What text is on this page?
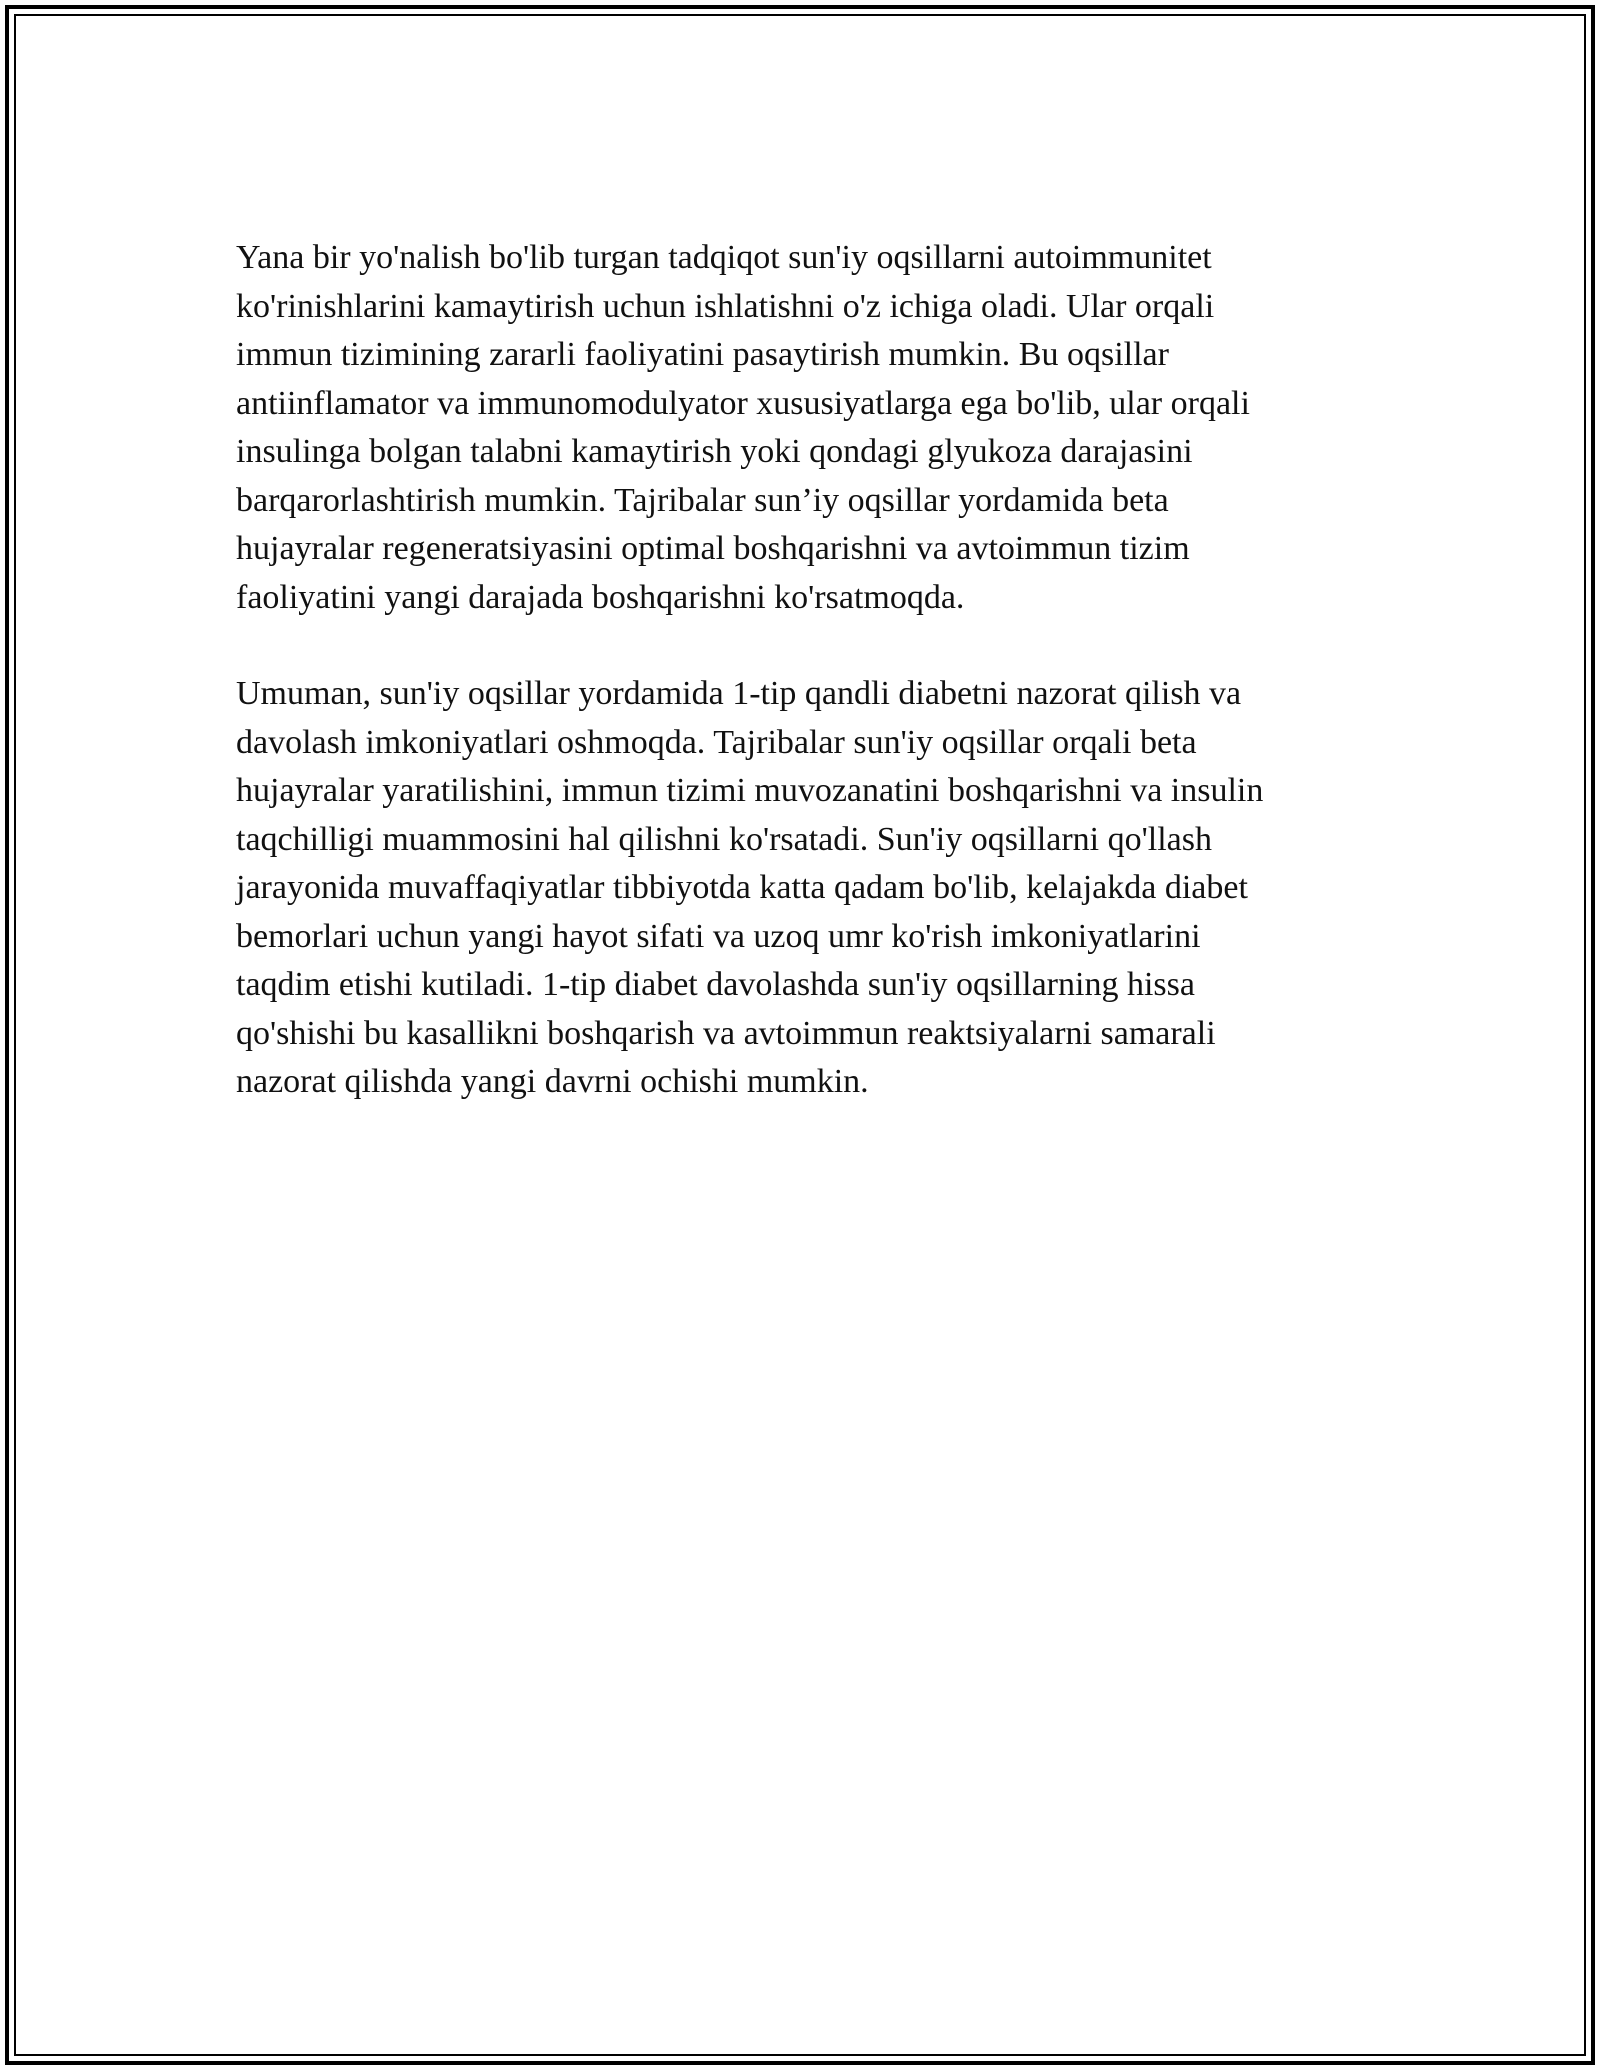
Yana bir yo'nalish bo'lib turgan tadqiqot sun'iy oqsillarni autoimmunitet
ko'rinishlarini kamaytirish uchun ishlatishni o'z ichiga oladi. Ular orqali
immun tizimining zararli faoliyatini pasaytirish mumkin. Bu oqsillar
antiinflamator va immunomodulyator xususiyatlarga ega bo'lib, ular orqali
insulinga bolgan talabni kamaytirish yoki qondagi glyukoza darajasini
barqarorlashtirish mumkin. Tajribalar sun’iy oqsillar yordamida beta
hujayralar regeneratsiyasini optimal boshqarishni va avtoimmun tizim
faoliyatini yangi darajada boshqarishni ko'rsatmoqda.

Umuman, sun'iy oqsillar yordamida 1-tip qandli diabetni nazorat qilish va
davolash imkoniyatlari oshmoqda. Tajribalar sun'iy oqsillar orqali beta
hujayralar yaratilishini, immun tizimi muvozanatini boshqarishni va insulin
taqchilligi muammosini hal qilishni ko'rsatadi. Sun'iy oqsillarni qo'llash
jarayonida muvaffaqiyatlar tibbiyotda katta qadam bo'lib, kelajakda diabet
bemorlari uchun yangi hayot sifati va uzoq umr ko'rish imkoniyatlarini
taqdim etishi kutiladi. 1-tip diabet davolashda sun'iy oqsillarning hissa
qo'shishi bu kasallikni boshqarish va avtoimmun reaktsiyalarni samarali
nazorat qilishda yangi davrni ochishi mumkin.
